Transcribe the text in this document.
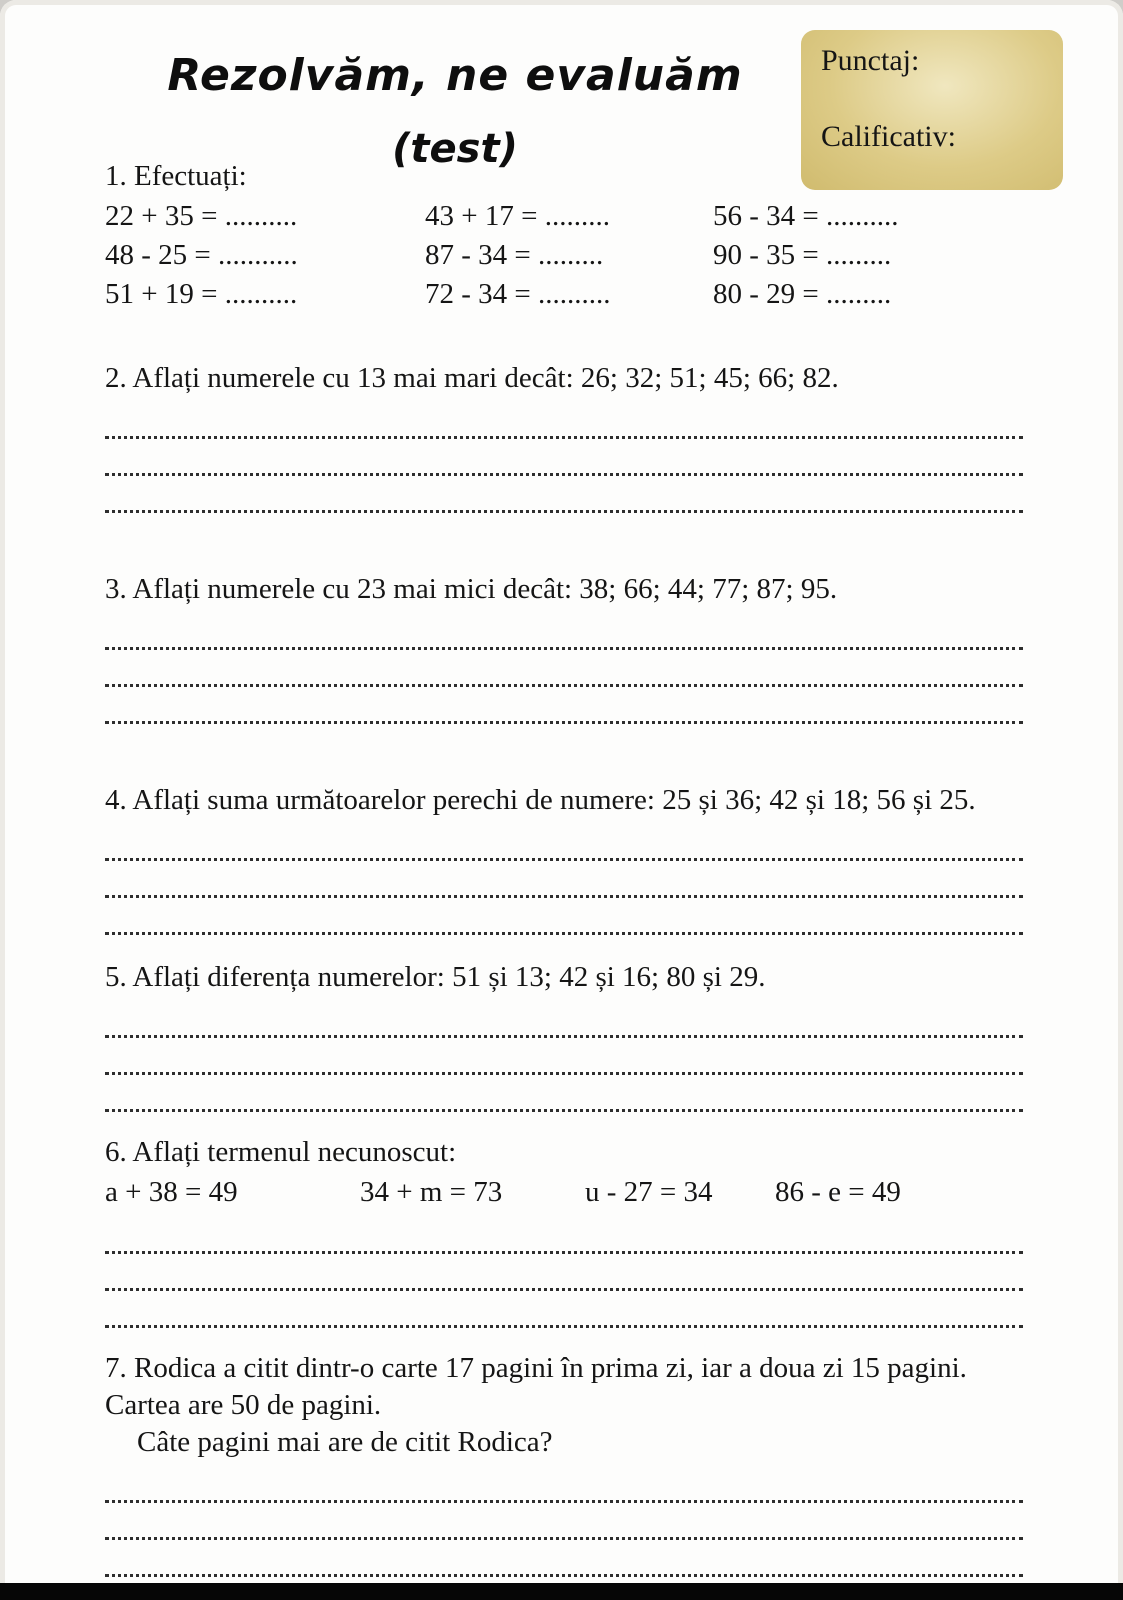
Rezolvăm, ne evaluăm
(test)
Punctaj:
Calificativ:
1. Efectuați:
22 + 35 = ..........	43 + 17 = .........	56 - 34 = ..........
48 - 25 = ...........	87 - 34 = .........	90 - 35 = .........
51 + 19 = ..........	72 - 34 = ..........	80 - 29 = .........
2. Aflați numerele cu 13 mai mari decât: 26; 32; 51; 45; 66; 82.
3. Aflați numerele cu 23 mai mici decât: 38; 66; 44; 77; 87; 95.
4. Aflați suma următoarelor perechi de numere: 25 și 36; 42 și 18; 56 și 25.
5. Aflați diferența numerelor: 51 și 13; 42 și 16; 80 și 29.
6. Aflați termenul necunoscut:
a + 38 = 49	34 + m = 73	u - 27 = 34	86 - e = 49
7. Rodica a citit dintr-o carte 17 pagini în prima zi, iar a doua zi 15 pagini.
Cartea are 50 de pagini.
Câte pagini mai are de citit Rodica?
